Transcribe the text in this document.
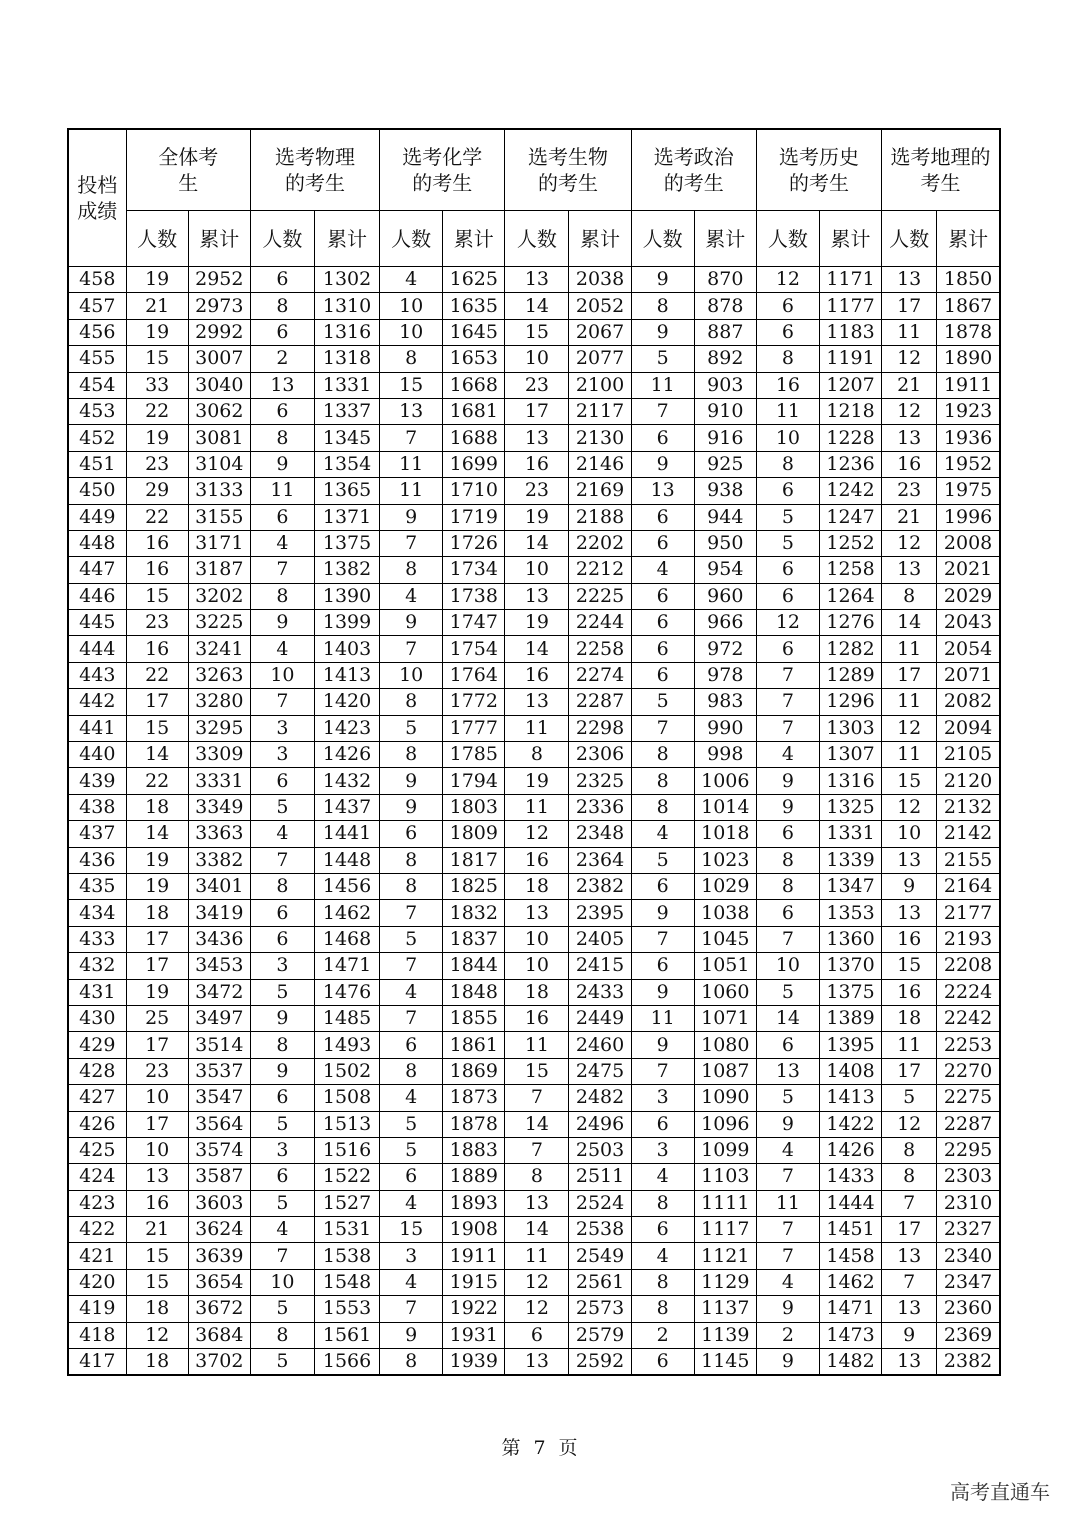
投档成绩	全体考生		选考物理的考生		选考化学的考生		选考生物的考生		选考政治的考生		选考历史的考生		选考地理的考生	
	人数	累计	人数	累计	人数	累计	人数	累计	人数	累计	人数	累计	人数	累计
458	19	2952	6	1302	4	1625	13	2038	9	870	12	1171	13	1850
457	21	2973	8	1310	10	1635	14	2052	8	878	6	1177	17	1867
456	19	2992	6	1316	10	1645	15	2067	9	887	6	1183	11	1878
455	15	3007	2	1318	8	1653	10	2077	5	892	8	1191	12	1890
454	33	3040	13	1331	15	1668	23	2100	11	903	16	1207	21	1911
453	22	3062	6	1337	13	1681	17	2117	7	910	11	1218	12	1923
452	19	3081	8	1345	7	1688	13	2130	6	916	10	1228	13	1936
451	23	3104	9	1354	11	1699	16	2146	9	925	8	1236	16	1952
450	29	3133	11	1365	11	1710	23	2169	13	938	6	1242	23	1975
449	22	3155	6	1371	9	1719	19	2188	6	944	5	1247	21	1996
448	16	3171	4	1375	7	1726	14	2202	6	950	5	1252	12	2008
447	16	3187	7	1382	8	1734	10	2212	4	954	6	1258	13	2021
446	15	3202	8	1390	4	1738	13	2225	6	960	6	1264	8	2029
445	23	3225	9	1399	9	1747	19	2244	6	966	12	1276	14	2043
444	16	3241	4	1403	7	1754	14	2258	6	972	6	1282	11	2054
443	22	3263	10	1413	10	1764	16	2274	6	978	7	1289	17	2071
442	17	3280	7	1420	8	1772	13	2287	5	983	7	1296	11	2082
441	15	3295	3	1423	5	1777	11	2298	7	990	7	1303	12	2094
440	14	3309	3	1426	8	1785	8	2306	8	998	4	1307	11	2105
439	22	3331	6	1432	9	1794	19	2325	8	1006	9	1316	15	2120
438	18	3349	5	1437	9	1803	11	2336	8	1014	9	1325	12	2132
437	14	3363	4	1441	6	1809	12	2348	4	1018	6	1331	10	2142
436	19	3382	7	1448	8	1817	16	2364	5	1023	8	1339	13	2155
435	19	3401	8	1456	8	1825	18	2382	6	1029	8	1347	9	2164
434	18	3419	6	1462	7	1832	13	2395	9	1038	6	1353	13	2177
433	17	3436	6	1468	5	1837	10	2405	7	1045	7	1360	16	2193
432	17	3453	3	1471	7	1844	10	2415	6	1051	10	1370	15	2208
431	19	3472	5	1476	4	1848	18	2433	9	1060	5	1375	16	2224
430	25	3497	9	1485	7	1855	16	2449	11	1071	14	1389	18	2242
429	17	3514	8	1493	6	1861	11	2460	9	1080	6	1395	11	2253
428	23	3537	9	1502	8	1869	15	2475	7	1087	13	1408	17	2270
427	10	3547	6	1508	4	1873	7	2482	3	1090	5	1413	5	2275
426	17	3564	5	1513	5	1878	14	2496	6	1096	9	1422	12	2287
425	10	3574	3	1516	5	1883	7	2503	3	1099	4	1426	8	2295
424	13	3587	6	1522	6	1889	8	2511	4	1103	7	1433	8	2303
423	16	3603	5	1527	4	1893	13	2524	8	1111	11	1444	7	2310
422	21	3624	4	1531	15	1908	14	2538	6	1117	7	1451	17	2327
421	15	3639	7	1538	3	1911	11	2549	4	1121	7	1458	13	2340
420	15	3654	10	1548	4	1915	12	2561	8	1129	4	1462	7	2347
419	18	3672	5	1553	7	1922	12	2573	8	1137	9	1471	13	2360
418	12	3684	8	1561	9	1931	6	2579	2	1139	2	1473	9	2369
417	18	3702	5	1566	8	1939	13	2592	6	1145	9	1482	13	2382
第 7 页
高考直通车
